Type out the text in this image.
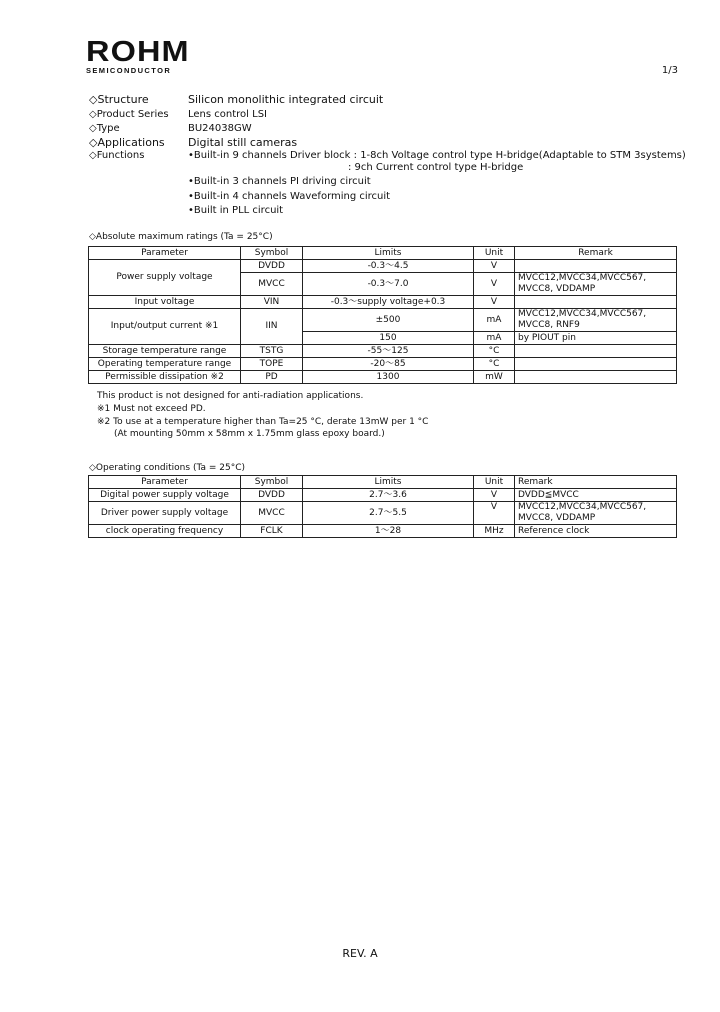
ROHM
SEMICONDUCTOR	1/3
◇Structure	Silicon monolithic integrated circuit
◇Product Series Lens control LSI
◇Type	BU24038GW
◇Applications Digital still cameras
◇Functions	•Built-in 9 channels Driver block : 1-8ch Voltage control type H-bridge(Adaptable to STM 3systems)
: 9ch Current control type H-bridge
•Built-in 3 channels PI driving circuit
•Built-in 4 channels Waveforming circuit
•Built in PLL circuit
◇Absolute maximum ratings (Ta = 25°C)
Parameter	Symbol	Limits	Unit	Remark
Power supply voltage	DVDD	-0.3～4.5	V	
	MVCC	-0.3～7.0	V	MVCC12,MVCC34,MVCC567,
MVCC8, VDDAMP
Input voltage	VIN	-0.3～supply voltage+0.3	V	
Input/output current ※1	IIN	±500	mA	MVCC12,MVCC34,MVCC567,
MVCC8, RNF9
		150	mA	by PIOUT pin
Storage temperature range	TSTG	-55～125	°C	
Operating temperature range	TOPE	-20～85	°C	
Permissible dissipation ※2	PD	1300	mW	
This product is not designed for anti-radiation applications.
※1 Must not exceed PD.
※2 To use at a temperature higher than Ta=25 °C, derate 13mW per 1 °C
(At mounting 50mm x 58mm x 1.75mm glass epoxy board.)
◇Operating conditions (Ta = 25°C)
Parameter	Symbol	Limits	Unit	Remark
Digital power supply voltage	DVDD	2.7～3.6	V	DVDD≦MVCC
Driver power supply voltage	MVCC	2.7～5.5	V	MVCC12,MVCC34,MVCC567,
MVCC8, VDDAMP
clock operating frequency	FCLK	1～28	MHz	Reference clock
REV. A
